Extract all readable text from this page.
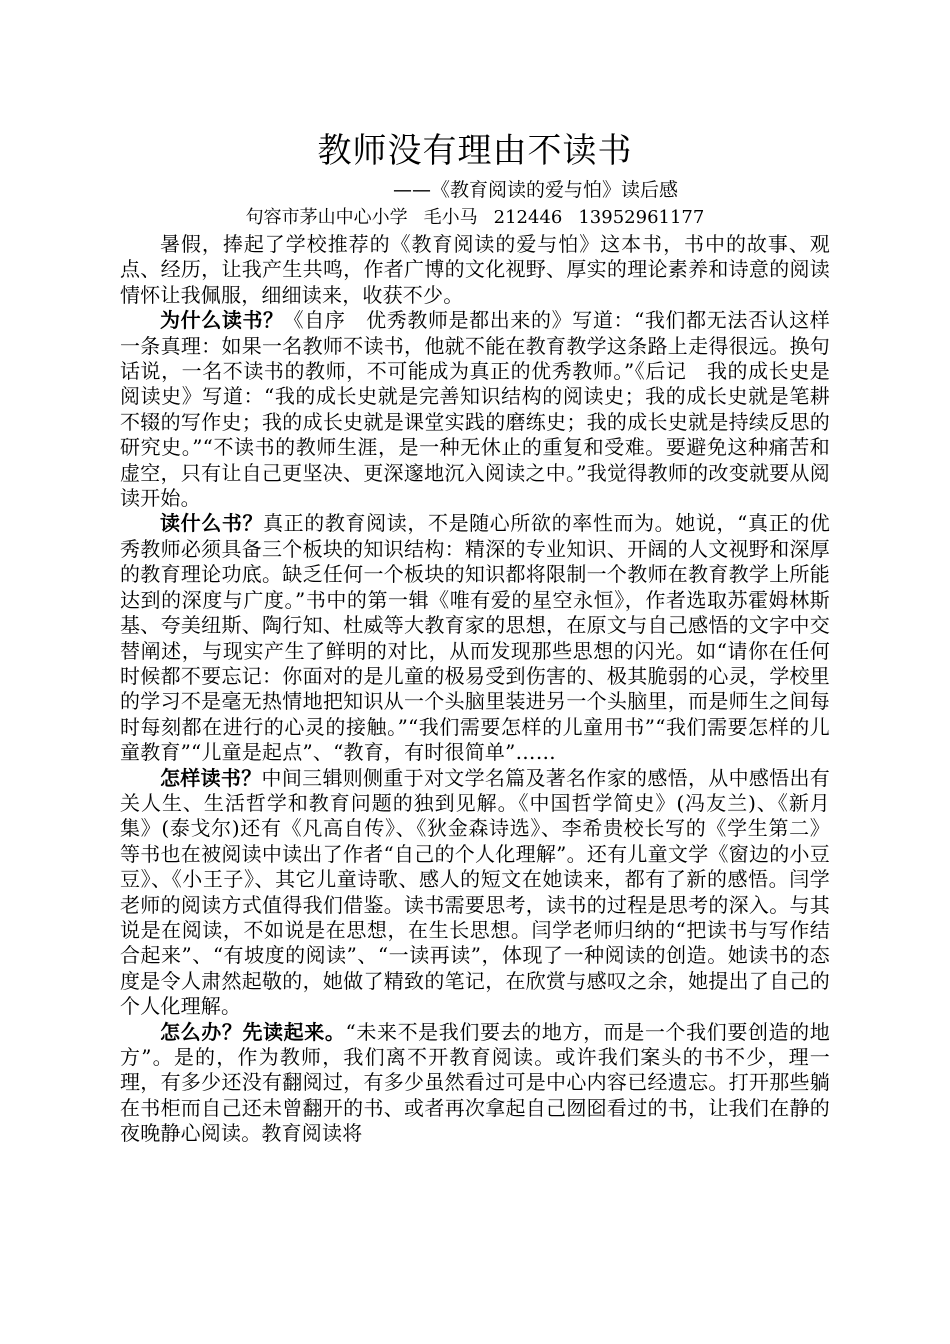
教师没有理由不读书
——《教育阅读的爱与怕》读后感
句容市茅山中心小学 毛小马 212446 13952961177

暑假，捧起了学校推荐的《教育阅读的爱与怕》这本书，书中的故事、观点、经历，让我产生共鸣，作者广博的文化视野、厚实的理论素养和诗意的阅读情怀让我佩服，细细读来，收获不少。

为什么读书？《自序　优秀教师是都出来的》写道：“我们都无法否认这样一条真理：如果一名教师不读书，他就不能在教育教学这条路上走得很远。换句话说，一名不读书的教师，不可能成为真正的优秀教师。”《后记　我的成长史是阅读史》写道：“我的成长史就是完善知识结构的阅读史；我的成长史就是笔耕不辍的写作史；我的成长史就是课堂实践的磨练史；我的成长史就是持续反思的研究史。”“不读书的教师生涯，是一种无休止的重复和受难。要避免这种痛苦和虚空，只有让自己更坚决、更深邃地沉入阅读之中。”我觉得教师的改变就要从阅读开始。

读什么书？真正的教育阅读，不是随心所欲的率性而为。她说，“真正的优秀教师必须具备三个板块的知识结构：精深的专业知识、开阔的人文视野和深厚的教育理论功底。缺乏任何一个板块的知识都将限制一个教师在教育教学上所能达到的深度与广度。”书中的第一辑《唯有爱的星空永恒》，作者选取苏霍姆林斯基、夸美纽斯、陶行知、杜威等大教育家的思想，在原文与自己感悟的文字中交替阐述，与现实产生了鲜明的对比，从而发现那些思想的闪光。如“请你在任何时候都不要忘记：你面对的是儿童的极易受到伤害的、极其脆弱的心灵，学校里的学习不是毫无热情地把知识从一个头脑里装进另一个头脑里，而是师生之间每时每刻都在进行的心灵的接触。”“我们需要怎样的儿童用书”“我们需要怎样的儿童教育”“儿童是起点”、“教育，有时很简单”……

怎样读书？中间三辑则侧重于对文学名篇及著名作家的感悟，从中感悟出有关人生、生活哲学和教育问题的独到见解。《中国哲学简史》(冯友兰)、《新月集》(泰戈尔)还有《凡高自传》、《狄金森诗选》、李希贵校长写的《学生第二》等书也在被阅读中读出了作者“自己的个人化理解”。还有儿童文学《窗边的小豆豆》、《小王子》、其它儿童诗歌、感人的短文在她读来，都有了新的感悟。闫学老师的阅读方式值得我们借鉴。读书需要思考，读书的过程是思考的深入。与其说是在阅读，不如说是在思想，在生长思想。闫学老师归纳的“把读书与写作结合起来”、“有坡度的阅读”、“一读再读”，体现了一种阅读的创造。她读书的态度是令人肃然起敬的，她做了精致的笔记，在欣赏与感叹之余，她提出了自己的个人化理解。

怎么办？先读起来。“未来不是我们要去的地方，而是一个我们要创造的地方”。是的，作为教师，我们离不开教育阅读。或许我们案头的书不少，理一理，有多少还没有翻阅过，有多少虽然看过可是中心内容已经遗忘。打开那些躺在书柜而自己还未曾翻开的书、或者再次拿起自己囫囵看过的书，让我们在静的夜晚静心阅读。教育阅读将
